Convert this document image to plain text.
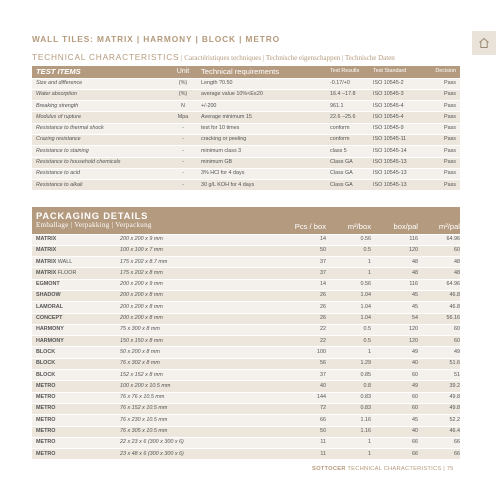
WALL TILES: MATRIX | HARMONY | BLOCK | METRO
TECHNICAL CHARACTERISTICS | Caractéristiques techniques | Technische eigenschappen | Technische Daten
TEST ITEMS	Unit	Technical requirements	Test Results	Test Standard	Decision
Size and difference	(%)	Length ?0.50	-0.17/+0	ISO 10545-2	Pass
Water absorption	(%)	average value 10%<E≤20	16.4 –17.8	ISO 10545-3	Pass
Breaking strength	N	+/-200	961.1	ISO 10545-4	Pass
Modulus of rupture	Mpa	Average minimum 15	22.6 –25.6	ISO 10545-4	Pass
Resistance to thermal shock	-	test for 10 times	conform	ISO 10545-9	Pass
Crazing resistance	-	cracking or peeling	conform	ISO 10545-11	Pass
Resistance to staining	-	minimum class 3	class 5	ISO 10545-14	Pass
Resistance to household chemicals	-	minimum GB	Class GA	ISO 10545-13	Pass
Resistance to acid	-	3% HCl for 4 days	Class GA	ISO 10545-13	Pass
Resistance to alkali	-	30 g/L KOH for 4 days	Class GA	ISO 10545-13	Pass
PACKAGING DETAILS
Emballage | Verpakking | Verpackung		Pcs / box	m²/box	box/pal	m²/pal
MATRIX	200 x 200 x 9 mm	14	0.56	116	64.96
MATRIX	100 x 100 x 7 mm	50	0.5	120	60
MATRIX WALL	175 x 202 x 8.7 mm	37	1	48	48
MATRIX FLOOR	175 x 202 x 8 mm	37	1	48	48
EGMONT	200 x 200 x 9 mm	14	0.56	116	64.96
SHADOW	200 x 200 x 8 mm	26	1.04	45	46.8
LAMORAL	200 x 200 x 8 mm	26	1.04	45	46.8
CONCEPT	200 x 200 x 8 mm	26	1.04	54	56.16
HARMONY	75 x 300 x 8 mm	22	0.5	120	60
HARMONY	150 x 150 x 8 mm	22	0.5	120	60
BLOCK	50 x 200 x 8 mm	100	1	49	49
BLOCK	76 x 302 x 8 mm	56	1.29	40	51.6
BLOCK	152 x 152 x 8 mm	37	0.85	60	51
METRO	100 x 200 x 10.5 mm	40	0.8	49	39.2
METRO	76 x 76 x 10.5 mm	144	0.83	60	49.8
METRO	76 x 152 x 10.5 mm	72	0.83	60	49.8
METRO	76 x 230 x 10.5 mm	66	1.16	45	52.2
METRO	76 x 305 x 10.5 mm	50	1.16	40	46.4
METRO	22 x 23 x 6 (300 x 300 x 6)	11	1	66	66
METRO	23 x 48 x 6 (300 x 300 x 6)	11	1	66	66
SOTTOCER TECHNICAL CHARACTERISTICS | 75
